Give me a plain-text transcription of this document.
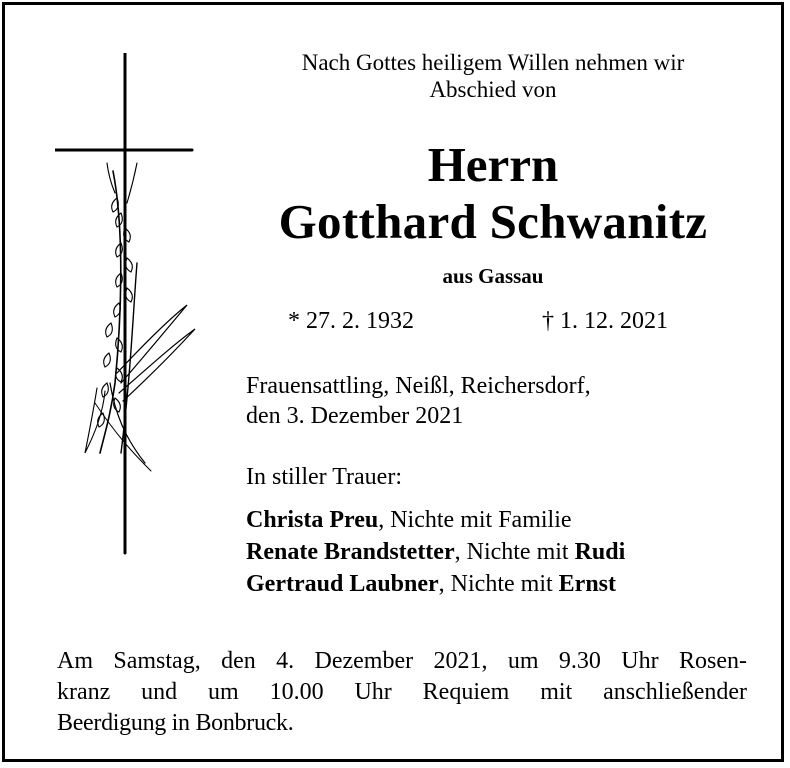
Nach Gottes heiligem Willen nehmen wir
Abschied von
Herrn
Gotthard Schwanitz
aus Gassau
* 27. 2. 1932	† 1. 12. 2021
Frauensattling, Neißl, Reichersdorf,
den 3. Dezember 2021
In stiller Trauer:
Christa Preu, Nichte mit Familie
Renate Brandstetter, Nichte mit Rudi
Gertraud Laubner, Nichte mit Ernst
Am Samstag, den 4. Dezember 2021, um 9.30 Uhr Rosen-
kranz und um 10.00 Uhr Requiem mit anschließender
Beerdigung in Bonbruck.
